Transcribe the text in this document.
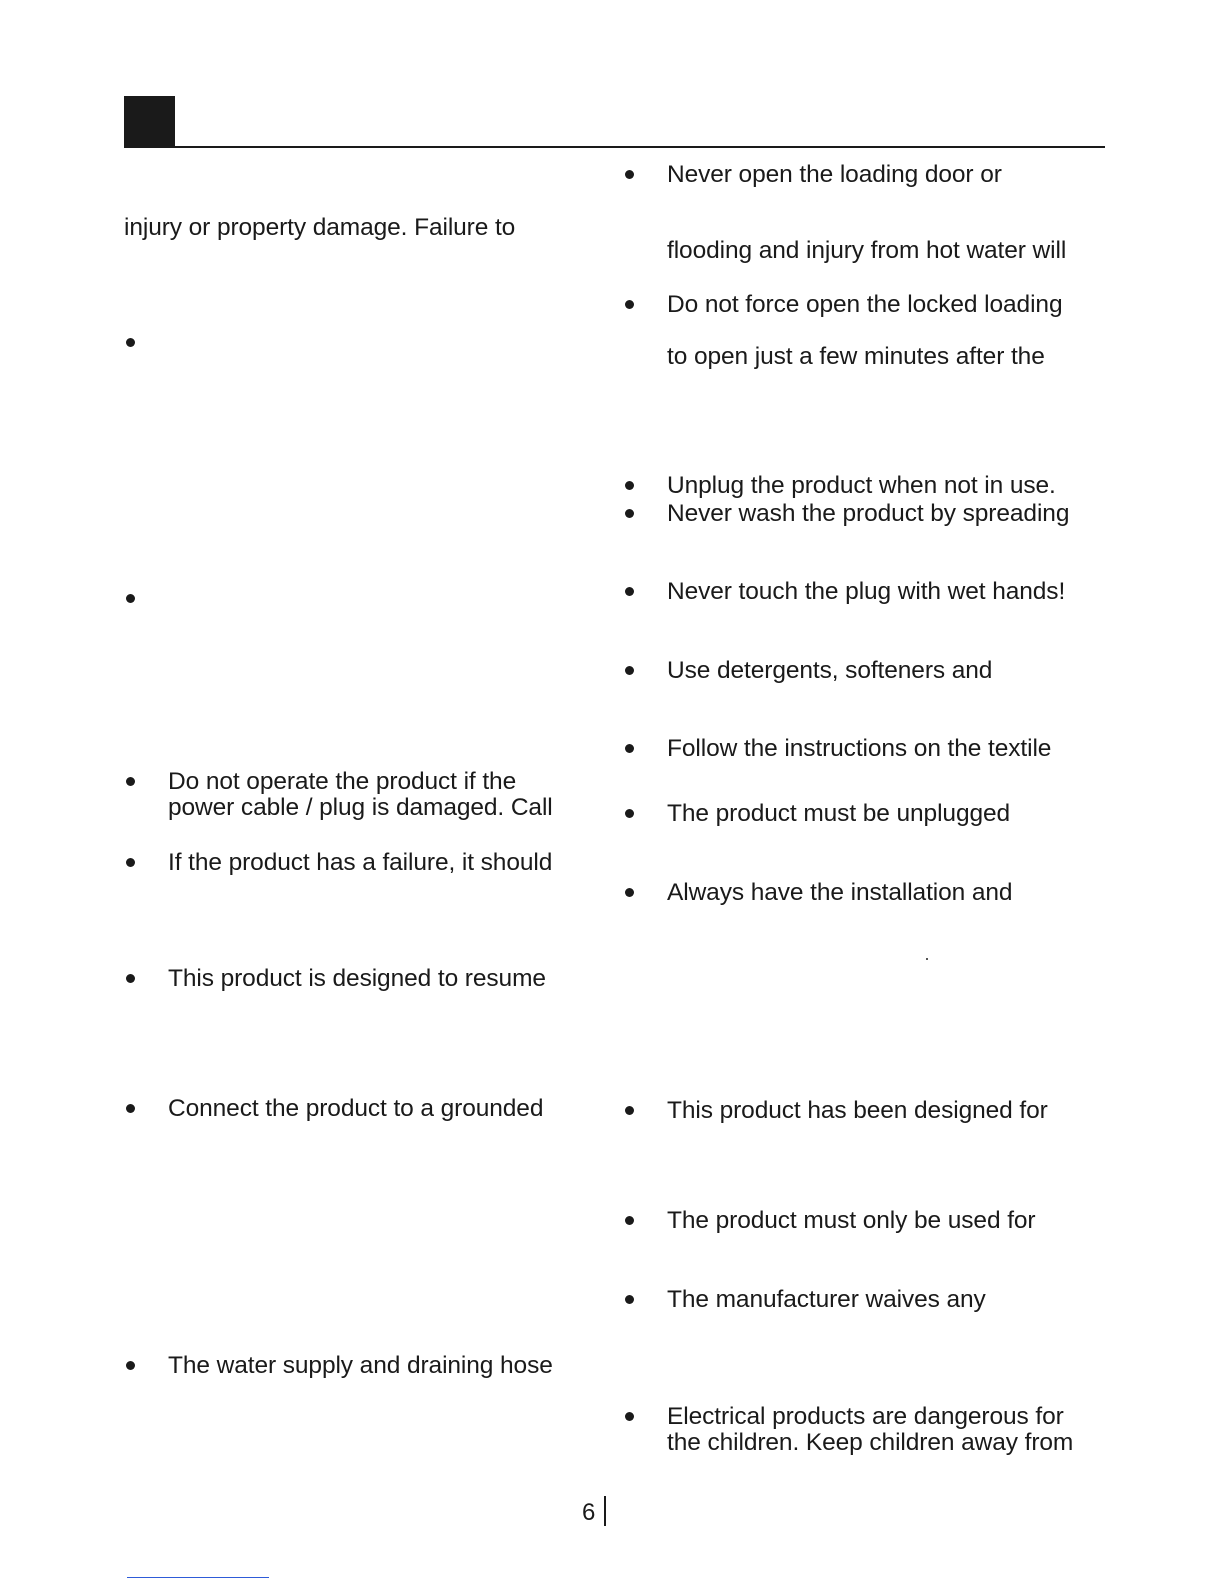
injury or property damage. Failure to
Do not operate the product if the
power cable / plug is damaged. Call
If the product has a failure, it should
This product is designed to resume
Connect the product to a grounded
The water supply and draining hose
Never open the loading door or
flooding and injury from hot water will
Do not force open the locked loading
to open just a few minutes after the
Unplug the product when not in use.
Never wash the product by spreading
Never touch the plug with wet hands!
Use detergents, softeners and
Follow the instructions on the textile
The product must be unplugged
Always have the installation and
This product has been designed for
The product must only be used for
The manufacturer waives any
Electrical products are dangerous for
the children. Keep children away from
6
